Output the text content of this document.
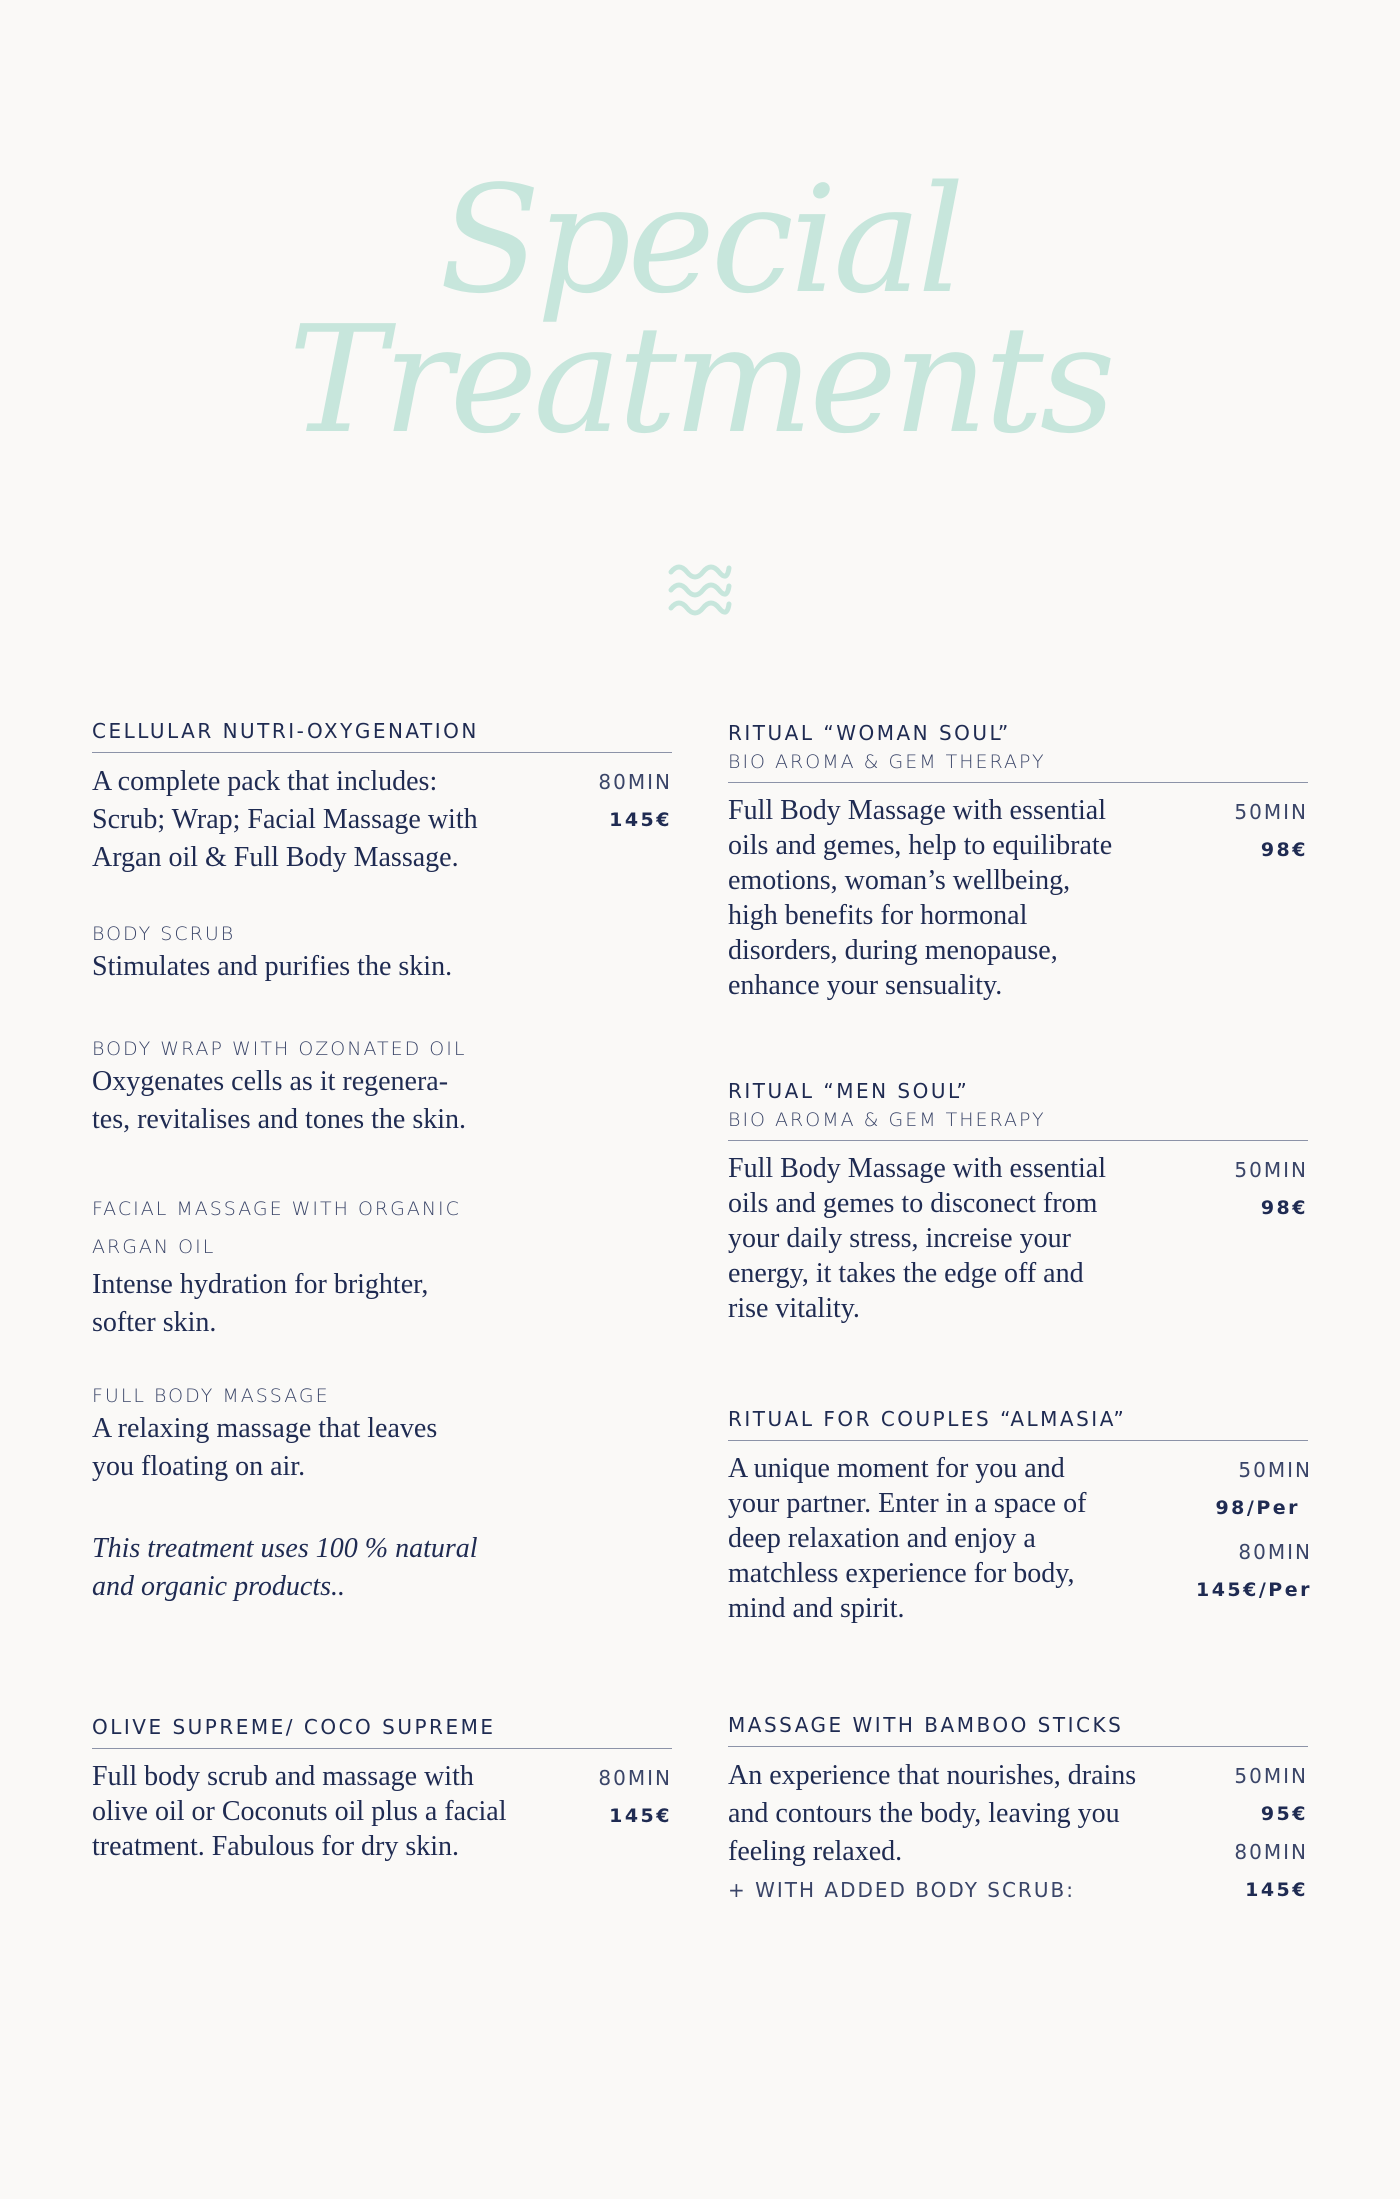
Special
Treatments
CELLULAR NUTRI-OXYGENATION
A complete pack that includes:
Scrub; Wrap; Facial Massage with
Argan oil & Full Body Massage.
80MIN
145€
BODY SCRUB
Stimulates and purifies the skin.
BODY WRAP WITH OZONATED OIL
Oxygenates cells as it regenera-
tes, revitalises and tones the skin.
FACIAL MASSAGE WITH ORGANIC
ARGAN OIL
Intense hydration for brighter,
softer skin.
FULL BODY MASSAGE
A relaxing massage that leaves
you floating on air.
This treatment uses 100 % natural
and organic products..
OLIVE SUPREME/ COCO SUPREME
Full body scrub and massage with
olive oil or Coconuts oil plus a facial
treatment. Fabulous for dry skin.
80MIN
145€
RITUAL “WOMAN SOUL”
BIO AROMA & GEM THERAPY
Full Body Massage with essential
oils and gemes, help to equilibrate
emotions, woman’s wellbeing,
high benefits for hormonal
disorders, during menopause,
enhance your sensuality.
50MIN
98€
RITUAL “MEN SOUL”
BIO AROMA & GEM THERAPY
Full Body Massage with essential
oils and gemes to disconect from
your daily stress, increise your
energy, it takes the edge off and
rise vitality.
50MIN
98€
RITUAL FOR COUPLES “ALMASIA”
A unique moment for you and
your partner. Enter in a space of
deep relaxation and enjoy a
matchless experience for body,
mind and spirit.
50MIN
98/Per
80MIN
145€/Per
MASSAGE WITH BAMBOO STICKS
An experience that nourishes, drains
and contours the body, leaving you
feeling relaxed.
+ WITH ADDED BODY SCRUB:
50MIN
95€
80MIN
145€
